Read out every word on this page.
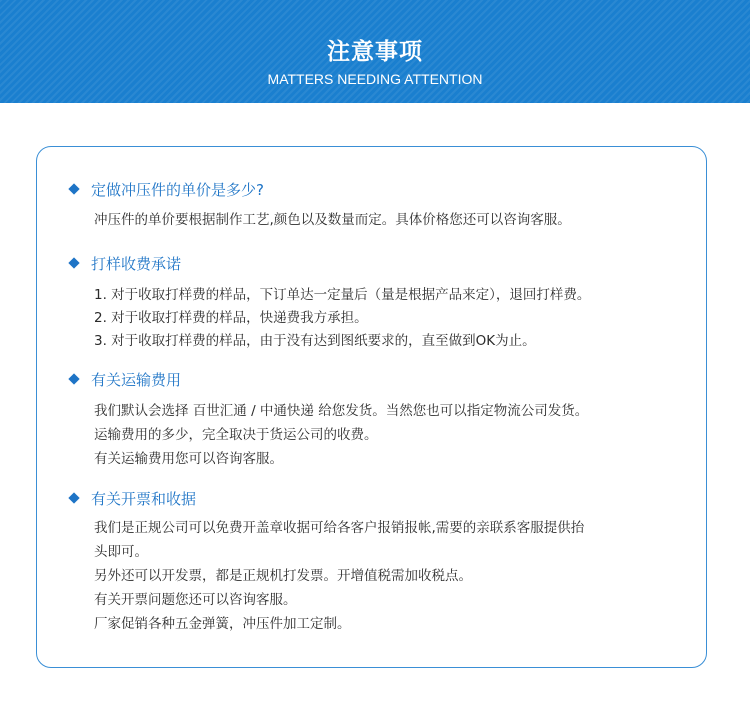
注意事项
MATTERS NEEDING ATTENTION
定做冲压件的单价是多少?
冲压件的单价要根据制作工艺,颜色以及数量而定。具体价格您还可以咨询客服。
打样收费承诺
1. 对于收取打样费的样品，下订单达一定量后（量是根据产品来定），退回打样费。
2. 对于收取打样费的样品，快递费我方承担。
3. 对于收取打样费的样品，由于没有达到图纸要求的，直至做到OK为止。
有关运输费用
我们默认会选择 百世汇通 / 中通快递 给您发货。当然您也可以指定物流公司发货。
运输费用的多少，完全取决于货运公司的收费。
有关运输费用您可以咨询客服。
有关开票和收据
我们是正规公司可以免费开盖章收据可给各客户报销报帐,需要的亲联系客服提供抬
头即可。
另外还可以开发票，都是正规机打发票。开增值税需加收税点。
有关开票问题您还可以咨询客服。
厂家促销各种五金弹簧，冲压件加工定制。
